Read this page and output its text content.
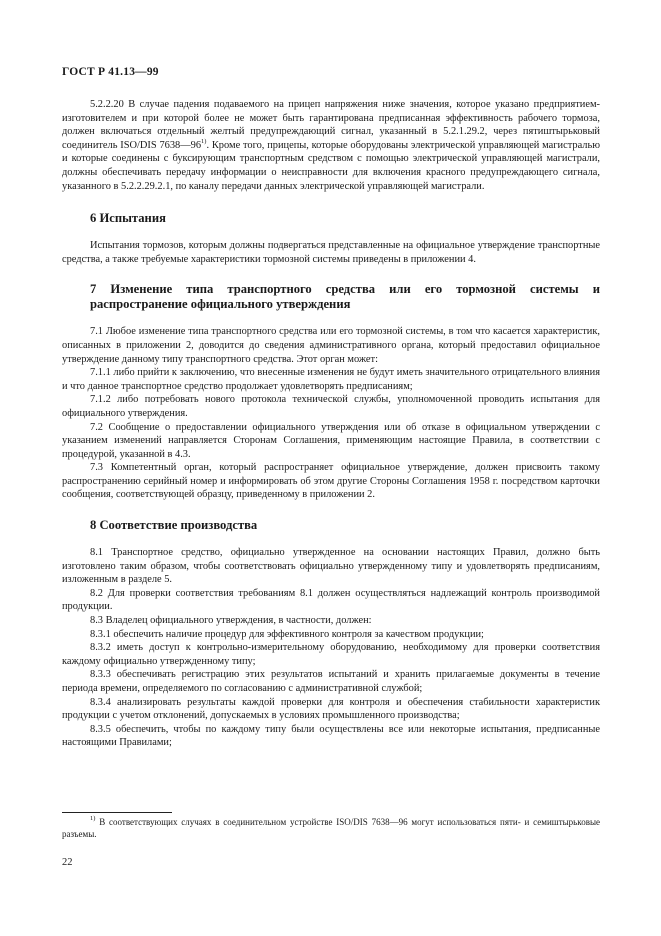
ГОСТ Р 41.13—99

5.2.2.20 В случае падения подаваемого на прицеп напряжения ниже значения, которое указано предприятием-изготовителем и при которой более не может быть гарантирована предписанная эффективность рабочего тормоза, должен включаться отдельный желтый предупреждающий сигнал, указанный в 5.2.1.29.2, через пятиштырьковый соединитель ISO/DIS 7638—96$^{1)}$. Кроме того, прицепы, которые оборудованы электрической управляющей магистралью и которые соединены с буксирующим транспортным средством с помощью электрической управляющей магистрали, должны обеспечивать передачу информации о неисправности для включения красного предупреждающего сигнала, указанного в 5.2.2.29.2.1, по каналу передачи данных электрической управляющей магистрали.

6 Испытания

Испытания тормозов, которым должны подвергаться представленные на официальное утверждение транспортные средства, а также требуемые характеристики тормозной системы приведены в приложении 4.

7 Изменение типа транспортного средства или его тормозной системы и распространение официального утверждения

7.1 Любое изменение типа транспортного средства или его тормозной системы, в том что касается характеристик, описанных в приложении 2, доводится до сведения административного органа, который предоставил официальное утверждение данному типу транспортного средства. Этот орган может:

7.1.1 либо прийти к заключению, что внесенные изменения не будут иметь значительного отрицательного влияния и что данное транспортное средство продолжает удовлетворять предписаниям;

7.1.2 либо потребовать нового протокола технической службы, уполномоченной проводить испытания для официального утверждения.

7.2 Сообщение о предоставлении официального утверждения или об отказе в официальном утверждении с указанием изменений направляется Сторонам Соглашения, применяющим настоящие Правила, в соответствии с процедурой, указанной в 4.3.

7.3 Компетентный орган, который распространяет официальное утверждение, должен присвоить такому распространению серийный номер и информировать об этом другие Стороны Соглашения 1958 г. посредством карточки сообщения, соответствующей образцу, приведенному в приложении 2.

8 Соответствие производства

8.1 Транспортное средство, официально утвержденное на основании настоящих Правил, должно быть изготовлено таким образом, чтобы соответствовать официально утвержденному типу и удовлетворять предписаниям, изложенным в разделе 5.

8.2 Для проверки соответствия требованиям 8.1 должен осуществляться надлежащий контроль производимой продукции.

8.3 Владелец официального утверждения, в частности, должен:

8.3.1 обеспечить наличие процедур для эффективного контроля за качеством продукции;

8.3.2 иметь доступ к контрольно-измерительному оборудованию, необходимому для проверки соответствия каждому официально утвержденному типу;

8.3.3 обеспечивать регистрацию этих результатов испытаний и хранить прилагаемые документы в течение периода времени, определяемого по согласованию с административной службой;

8.3.4 анализировать результаты каждой проверки для контроля и обеспечения стабильности характеристик продукции с учетом отклонений, допускаемых в условиях промышленного производства;

8.3.5 обеспечить, чтобы по каждому типу были осуществлены все или некоторые испытания, предписанные настоящими Правилами;

$^{1)}$ В соответствующих случаях в соединительном устройстве ISO/DIS 7638—96 могут использоваться пяти- и семиштырьковые разъемы.
22
